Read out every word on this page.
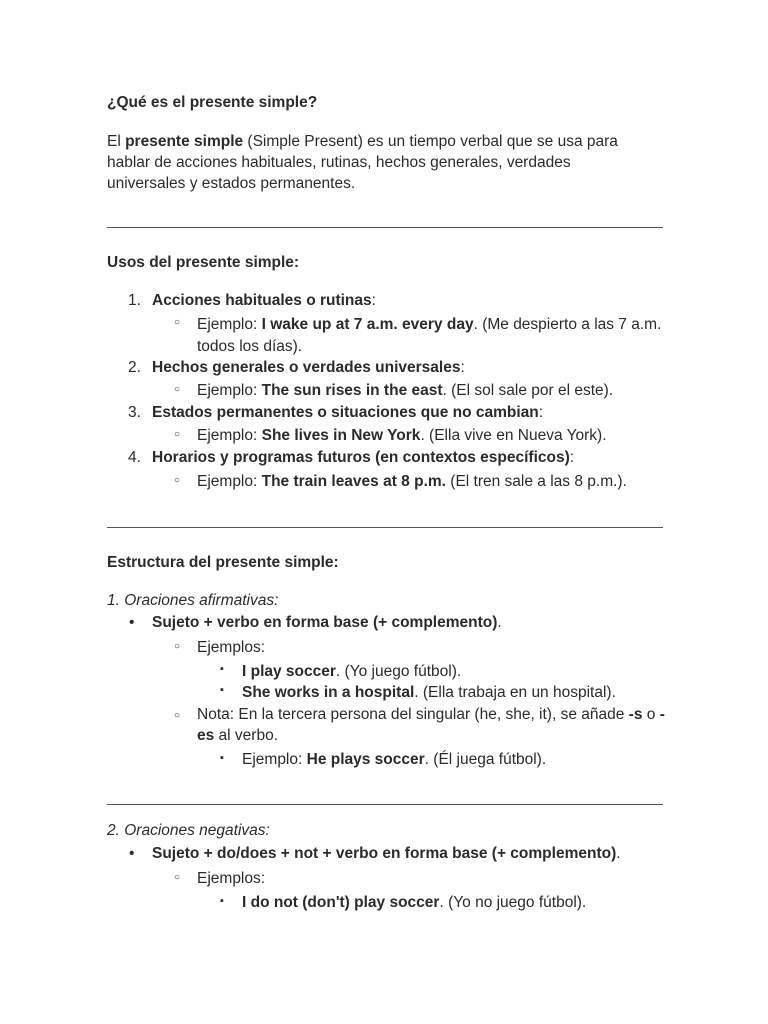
¿Qué es el presente simple?
El presente simple (Simple Present) es un tiempo verbal que se usa para hablar de acciones habituales, rutinas, hechos generales, verdades universales y estados permanentes.
Usos del presente simple:
1. Acciones habituales o rutinas:
○ Ejemplo: I wake up at 7 a.m. every day. (Me despierto a las 7 a.m.
todos los días).
2. Hechos generales o verdades universales:
○ Ejemplo: The sun rises in the east. (El sol sale por el este).
3. Estados permanentes o situaciones que no cambian:
○ Ejemplo: She lives in New York. (Ella vive en Nueva York).
4. Horarios y programas futuros (en contextos específicos):
○ Ejemplo: The train leaves at 8 p.m. (El tren sale a las 8 p.m.).
Estructura del presente simple:
1. Oraciones afirmativas:
• Sujeto + verbo en forma base (+ complemento).
○ Ejemplos:
▪ I play soccer. (Yo juego fútbol).
▪ She works in a hospital. (Ella trabaja en un hospital).
○ Nota: En la tercera persona del singular (he, she, it), se añade -s o -
es al verbo.
▪ Ejemplo: He plays soccer. (Él juega fútbol).
2. Oraciones negativas:
• Sujeto + do/does + not + verbo en forma base (+ complemento).
○ Ejemplos:
▪ I do not (don't) play soccer. (Yo no juego fútbol).
